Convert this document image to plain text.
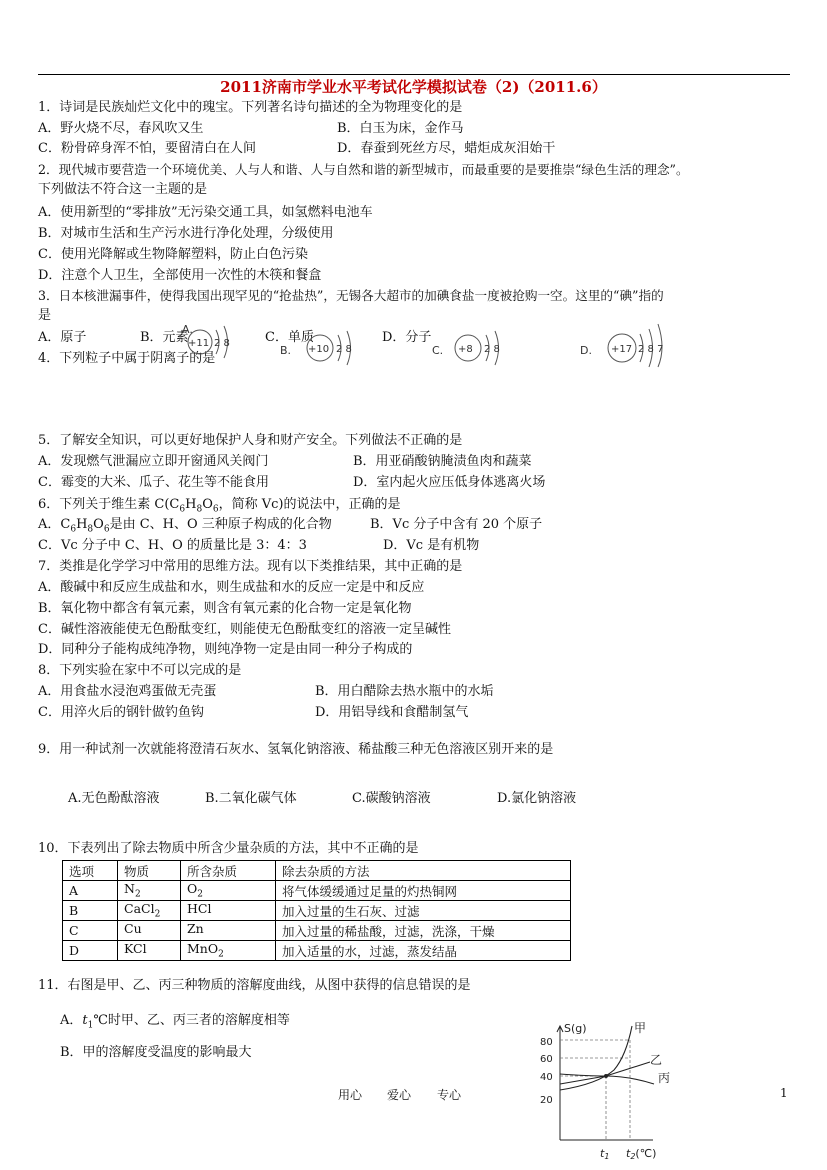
2011济南市学业水平考试化学模拟试卷（2)（2011.6）
1．诗词是民族灿烂文化中的瑰宝。下列著名诗句描述的全为物理变化的是
A．野火烧不尽，春风吹又生	B．白玉为床，金作马
C．粉骨碎身浑不怕，要留清白在人间	D．春蚕到死丝方尽，蜡炬成灰泪始干
2．现代城市要营造一个环境优美、人与人和谐、人与自然和谐的新型城市，而最重要的是要推崇“绿色生活的理念”。
下列做法不符合这一主题的是
A．使用新型的“零排放”无污染交通工具，如氢燃料电池车
B．对城市生活和生产污水进行净化处理，分级使用
C．使用光降解或生物降解塑料，防止白色污染
D．注意个人卫生，全部使用一次性的木筷和餐盒
3．日本核泄漏事件，使得我国出现罕见的“抢盐热”，无锡各大超市的加碘食盐一度被抢购一空。这里的“碘”指的
是
A．原子	B．元素	C．单质	D．分子
4．下列粒子中属于阴离子的是
A.
+11 2 8
B. +10 2 8	C. +8 2 8	D. +17 2 8 7
5．了解安全知识，可以更好地保护人身和财产安全。下列做法不正确的是
A．发现燃气泄漏应立即开窗通风关阀门	B．用亚硝酸钠腌渍鱼肉和蔬菜
C．霉变的大米、瓜子、花生等不能食用	D．室内起火应压低身体逃离火场
6．下列关于维生素 $C(C_6H_8O_6$，简称 Vc)的说法中，正确的是
A．$C_6H_8O_6$是由 C、H、O 三种原子构成的化合物	B．Vc 分子中含有 20 个原子
C．Vc 分子中 C、H、O 的质量比是 3：4：3	D．Vc 是有机物
7．类推是化学学习中常用的思维方法。现有以下类推结果，其中正确的是
A．酸碱中和反应生成盐和水，则生成盐和水的反应一定是中和反应
B．氧化物中都含有氧元素，则含有氧元素的化合物一定是氧化物
C．碱性溶液能使无色酚酞变红，则能使无色酚酞变红的溶液一定呈碱性
D．同种分子能构成纯净物，则纯净物一定是由同一种分子构成的
8．下列实验在家中不可以完成的是
A．用食盐水浸泡鸡蛋做无壳蛋	B．用白醋除去热水瓶中的水垢
C．用淬火后的钢针做钓鱼钩	D．用铝导线和食醋制氢气
9．用一种试剂一次就能将澄清石灰水、氢氧化钠溶液、稀盐酸三种无色溶液区别开来的是
A.无色酚酞溶液	B.二氧化碳气体	C.碳酸钠溶液	D.氯化钠溶液
10．下表列出了除去物质中所含少量杂质的方法，其中不正确的是
选项	物质	所含杂质	除去杂质的方法
A	$N_2$	$O_2$	将气体缓缓通过足量的灼热铜网
B	CaCl$_2$	HCl	加入过量的生石灰、过滤
C	Cu	Zn	加入过量的稀盐酸，过滤，洗涤，干燥
D	KCl	MnO$_2$	加入适量的水，过滤，蒸发结晶
11．右图是甲、乙、丙三种物质的溶解度曲线，从图中获得的信息错误的是
A．$t_1℃$时甲、乙、丙三者的溶解度相等
B．甲的溶解度受温度的影响最大
S(g)
80
60
40
20
甲
乙
丙
t1 t2(℃)
用心 爱心 专心	1
